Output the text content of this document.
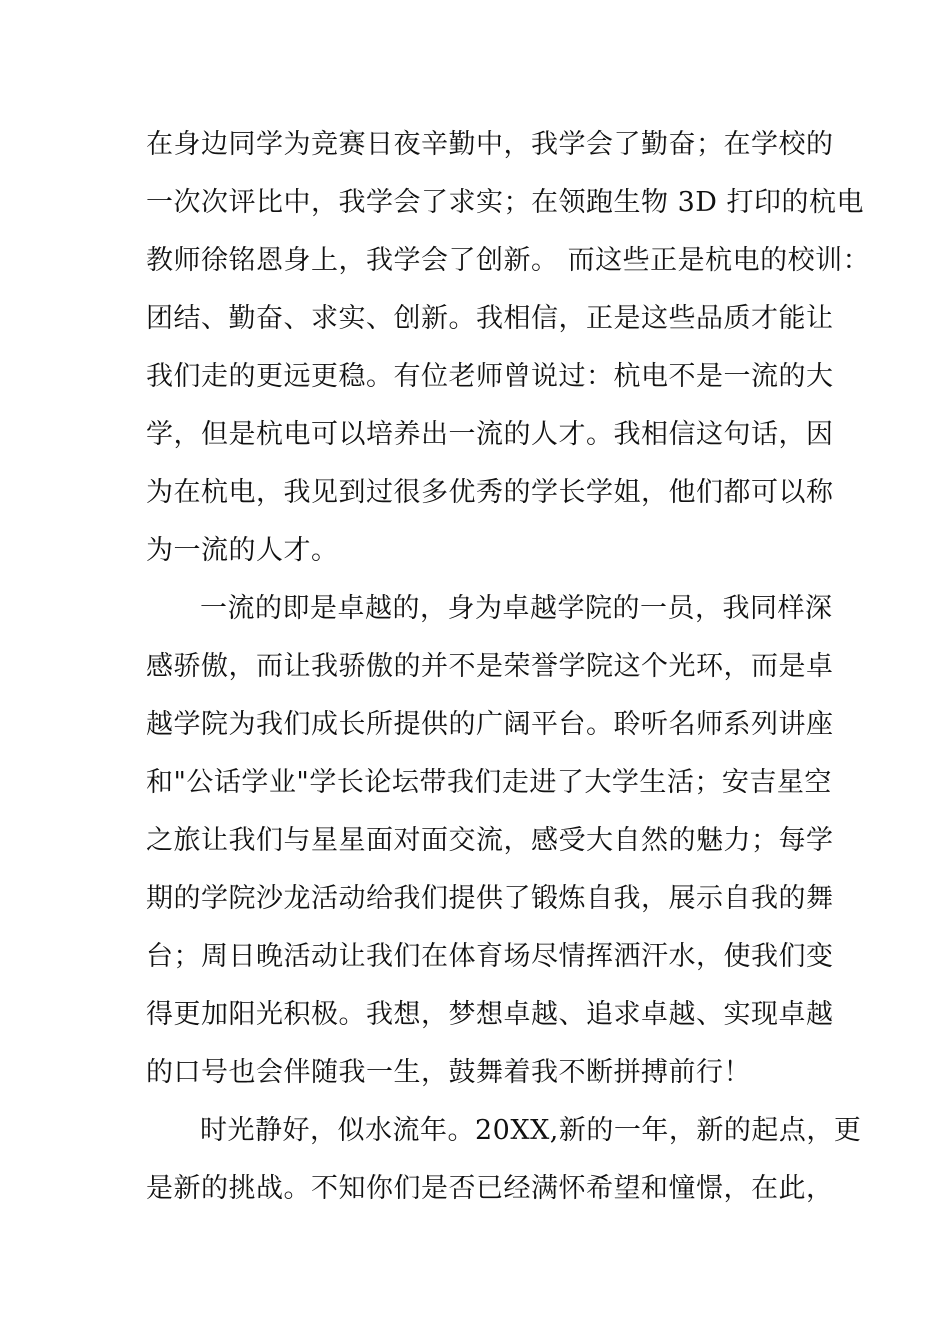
在身边同学为竞赛日夜辛勤中，我学会了勤奋；在学校的
一次次评比中，我学会了求实；在领跑生物 3D 打印的杭电
教师徐铭恩身上，我学会了创新。 而这些正是杭电的校训：
团结、勤奋、求实、创新。我相信，正是这些品质才能让
我们走的更远更稳。有位老师曾说过：杭电不是一流的大
学，但是杭电可以培养出一流的人才。我相信这句话，因
为在杭电，我见到过很多优秀的学长学姐，他们都可以称
为一流的人才。
一流的即是卓越的，身为卓越学院的一员，我同样深
感骄傲，而让我骄傲的并不是荣誉学院这个光环，而是卓
越学院为我们成长所提供的广阔平台。聆听名师系列讲座
和"公话学业"学长论坛带我们走进了大学生活；安吉星空
之旅让我们与星星面对面交流，感受大自然的魅力；每学
期的学院沙龙活动给我们提供了锻炼自我，展示自我的舞
台；周日晚活动让我们在体育场尽情挥洒汗水，使我们变
得更加阳光积极。我想，梦想卓越、追求卓越、实现卓越
的口号也会伴随我一生，鼓舞着我不断拼搏前行！
时光静好，似水流年。20XX,新的一年，新的起点，更
是新的挑战。不知你们是否已经满怀希望和憧憬，在此，
